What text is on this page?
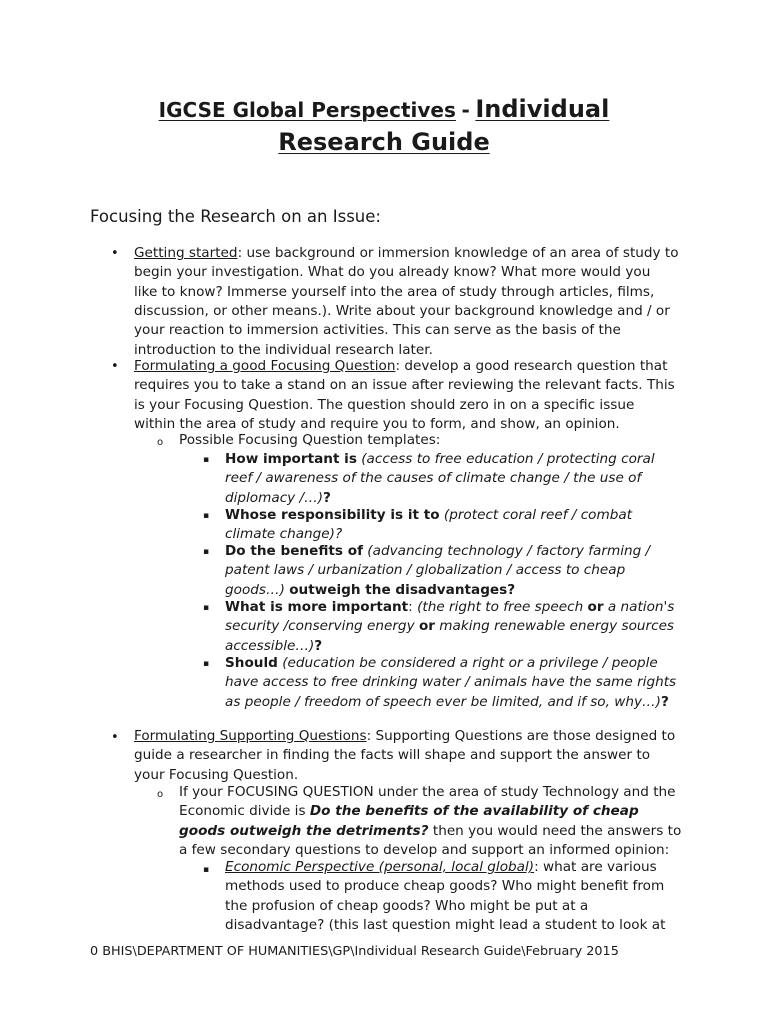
IGCSE Global Perspectives - Individual
Research Guide
Focusing the Research on an Issue:
• Getting started: use background or immersion knowledge of an area of study to
begin your investigation. What do you already know? What more would you
like to know? Immerse yourself into the area of study through articles, films,
discussion, or other means.). Write about your background knowledge and / or
your reaction to immersion activities. This can serve as the basis of the
introduction to the individual research later.
• Formulating a good Focusing Question: develop a good research question that
requires you to take a stand on an issue after reviewing the relevant facts. This
is your Focusing Question. The question should zero in on a specific issue
within the area of study and require you to form, and show, an opinion.
o Possible Focusing Question templates:
▪ How important is (access to free education / protecting coral
reef / awareness of the causes of climate change / the use of
diplomacy /…)?
▪ Whose responsibility is it to (protect coral reef / combat
climate change)?
▪ Do the benefits of (advancing technology / factory farming /
patent laws / urbanization / globalization / access to cheap
goods…) outweigh the disadvantages?
▪ What is more important: (the right to free speech or a nation's
security /conserving energy or making renewable energy sources
accessible…)?
▪ Should (education be considered a right or a privilege / people
have access to free drinking water / animals have the same rights
as people / freedom of speech ever be limited, and if so, why…)?
• Formulating Supporting Questions: Supporting Questions are those designed to
guide a researcher in finding the facts will shape and support the answer to
your Focusing Question.
o If your FOCUSING QUESTION under the area of study Technology and the
Economic divide is Do the benefits of the availability of cheap
goods outweigh the detriments? then you would need the answers to
a few secondary questions to develop and support an informed opinion:
▪ Economic Perspective (personal, local global): what are various
methods used to produce cheap goods? Who might benefit from
the profusion of cheap goods? Who might be put at a
disadvantage? (this last question might lead a student to look at
0 BHIS\DEPARTMENT OF HUMANITIES\GP\Individual Research Guide\February 2015
